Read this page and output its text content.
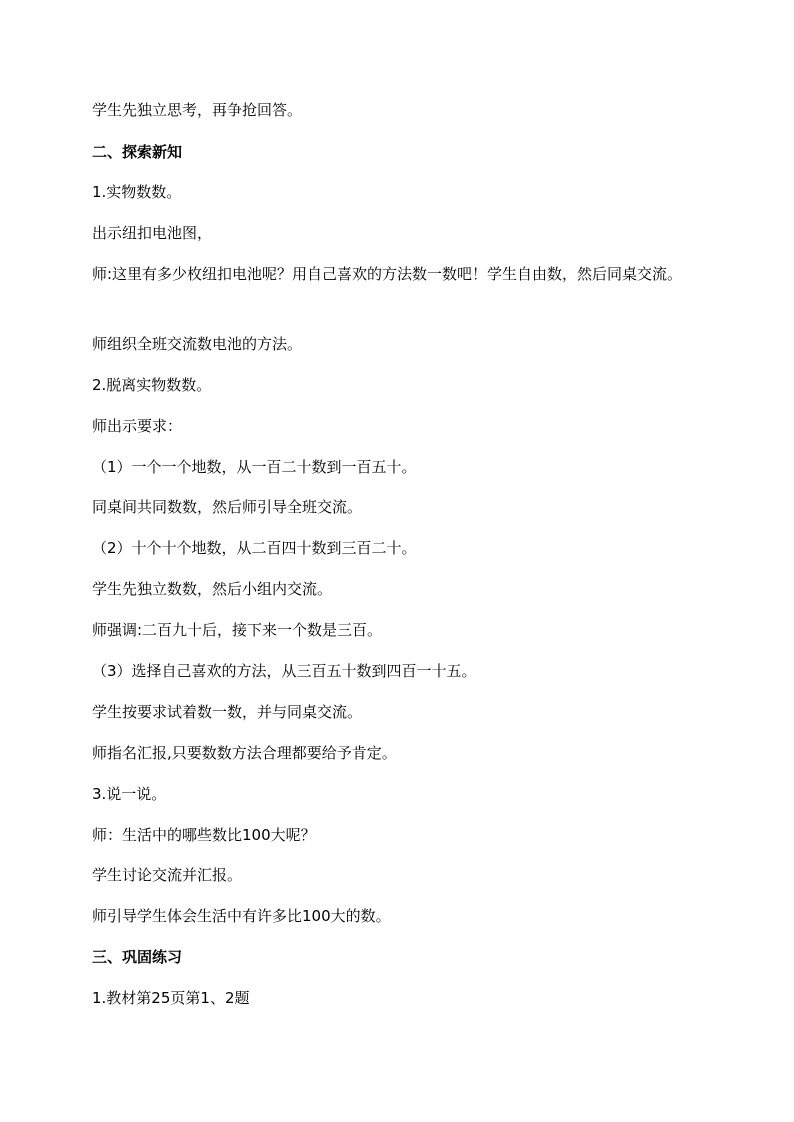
学生先独立思考，再争抢回答。
二、探索新知
1.实物数数。
出示纽扣电池图，
师:这里有多少枚纽扣电池呢？用自己喜欢的方法数一数吧！学生自由数，然后同桌交流。
师组织全班交流数电池的方法。
2.脱离实物数数。
师出示要求：
（1）一个一个地数，从一百二十数到一百五十。
同桌间共同数数，然后师引导全班交流。
（2）十个十个地数，从二百四十数到三百二十。
学生先独立数数，然后小组内交流。
师强调:二百九十后，接下来一个数是三百。
（3）选择自己喜欢的方法，从三百五十数到四百一十五。
学生按要求试着数一数，并与同桌交流。
师指名汇报,只要数数方法合理都要给予肯定。
3.说一说。
师：生活中的哪些数比100大呢？
学生讨论交流并汇报。
师引导学生体会生活中有许多比100大的数。
三、巩固练习
1.教材第25页第1、2题
